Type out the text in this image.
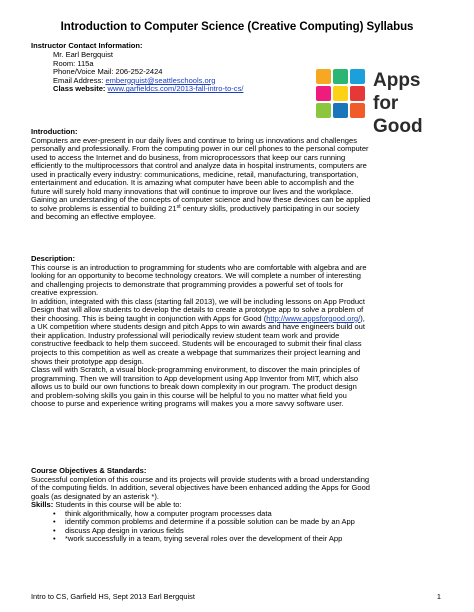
Introduction to Computer Science (Creative Computing) Syllabus
Instructor Contact Information:
Mr. Earl Bergquist
Room: 115a
Phone/Voice Mail: 206-252-2424
Email Address: embergquist@seattleschools.org
Class website: www.garfieldcs.com/2013-fall-intro-to-cs/	Apps
for
Good
Introduction:
Computers are ever-present in our daily lives and continue to bring us innovations and challenges
personally and professionally. From the computing power in our cell phones to the personal computer
used to access the Internet and do business, from microprocessors that keep our cars running
efficiently to the multiprocessors that control and analyze data in hospital instruments, computers are
used in practically every industry: communications, medicine, retail, manufacturing, transportation,
entertainment and education. It is amazing what computer have been able to accomplish and the
future will surely hold many innovations that will continue to improve our lives and the workplace.
Gaining an understanding of the concepts of computer science and how these devices can be applied
to solve problems is essential to building 21st century skills, productively participating in our society
and becoming an effective employee.
Description:
This course is an introduction to programming for students who are comfortable with algebra and are
looking for an opportunity to become technology creators. We will complete a number of interesting
and challenging projects to demonstrate that programming provides a powerful set of tools for
creative expression.
In addition, integrated with this class (starting fall 2013), we will be including lessons on App Product
Design that will allow students to develop the details to create a prototype app to solve a problem of
their choosing. This is being taught in conjunction with Apps for Good (http://www.appsforgood.org/),
a UK competition where students design and pitch Apps to win awards and have engineers build out
their application. Industry professional will periodically review student team work and provide
constructive feedback to help them succeed. Students will be encouraged to submit their final class
projects to this competition as well as create a webpage that summarizes their project learning and
shows their prototype app design.
Class will with Scratch, a visual block-programming environment, to discover the main principles of
programming. Then we will transition to App development using App Inventor from MIT, which also
allows us to build our own functions to break down complexity in our program. The product design
and problem-solving skills you gain in this course will be helpful to you no matter what field you
choose to purse and experience writing programs will makes you a more savvy software user.
Course Objectives & Standards:
Successful completion of this course and its projects will provide students with a broad understanding
of the computing fields. In addition, several objectives have been enhanced adding the Apps for Good
goals (as designated by an asterisk *).
Skills: Students in this course will be able to:
• think algorithmically, how a computer program processes data
• identify common problems and determine if a possible solution can be made by an App
• discuss App design in various fields
• *work successfully in a team, trying several roles over the development of their App
Intro to CS, Garfield HS, Sept 2013 Earl Bergquist	1
